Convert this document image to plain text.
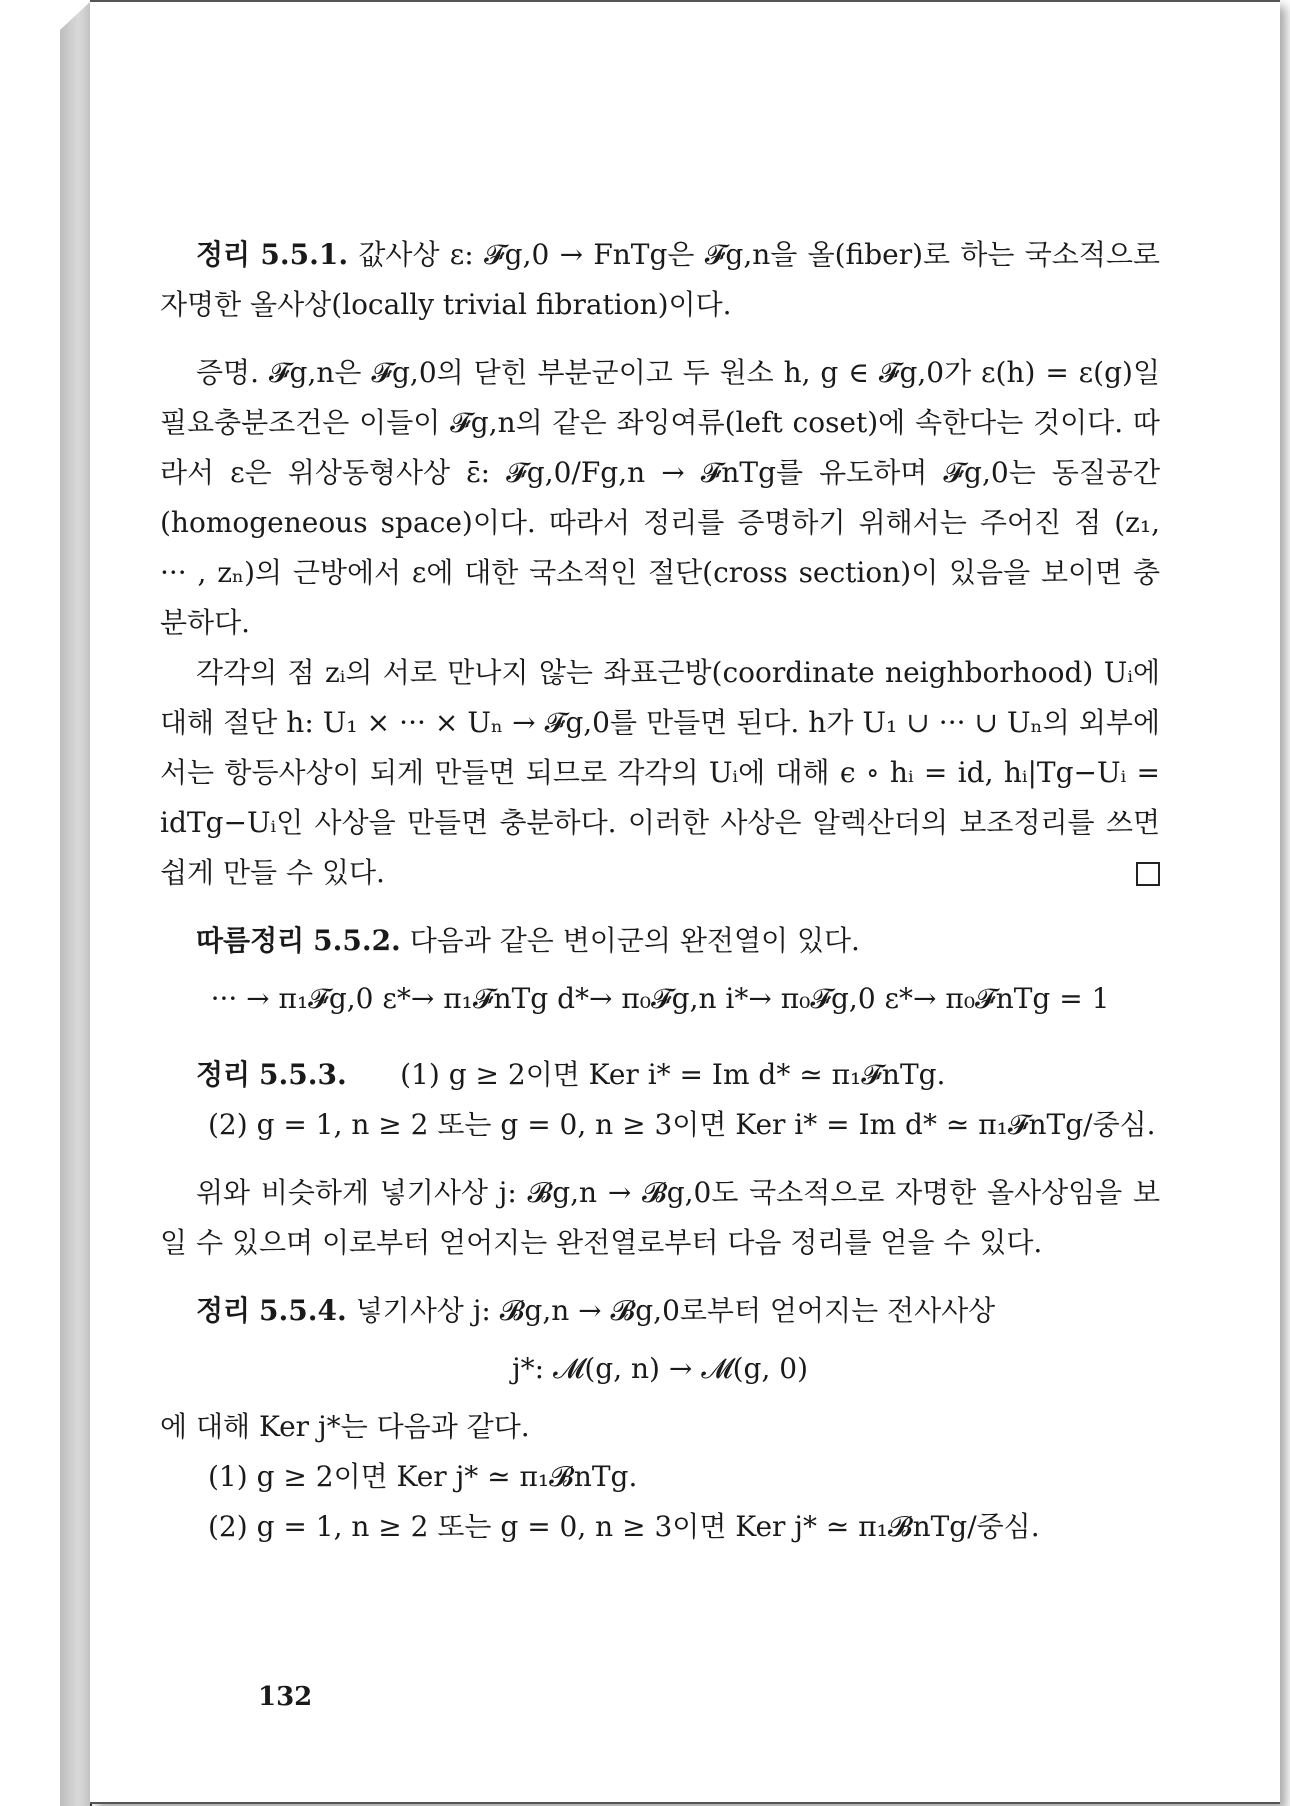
정리 5.5.1. 값사상 ε: 𝓕g,0 → FnTg은 𝓕g,n을 올(fiber)로 하는 국소적으로 자명한 올사상(locally trivial fibration)이다.

증명. 𝓕g,n은 𝓕g,0의 닫힌 부분군이고 두 원소 h, g ∈ 𝓕g,0가 ε(h) = ε(g)일 필요충분조건은 이들이 𝓕g,n의 같은 좌잉여류(left coset)에 속한다는 것이다. 따라서 ε은 위상동형사상 ε̄: 𝓕g,0/Fg,n → 𝓕nTg를 유도하며 𝓕g,0는 동질공간(homogeneous space)이다. 따라서 정리를 증명하기 위해서는 주어진 점 (z₁, ··· , zₙ)의 근방에서 ε에 대한 국소적인 절단(cross section)이 있음을 보이면 충분하다.

각각의 점 zᵢ의 서로 만나지 않는 좌표근방(coordinate neighborhood) Uᵢ에 대해 절단 h: U₁ × ··· × Uₙ → 𝓕g,0를 만들면 된다. h가 U₁ ∪ ··· ∪ Uₙ의 외부에서는 항등사상이 되게 만들면 되므로 각각의 Uᵢ에 대해 ϵ ∘ hᵢ = id, hᵢ|Tg−Uᵢ = idTg−Uᵢ인 사상을 만들면 충분하다. 이러한 사상은 알렉산더의 보조정리를 쓰면 쉽게 만들 수 있다.

따름정리 5.5.2. 다음과 같은 변이군의 완전열이 있다.

··· → π₁𝓕g,0 ε*→ π₁𝓕nTg d*→ π₀𝓕g,n i*→ π₀𝓕g,0 ε*→ π₀𝓕nTg = 1

정리 5.5.3. (1) g ≥ 2이면 Ker i* = Im d* ≃ π₁𝓕nTg.

(2) g = 1, n ≥ 2 또는 g = 0, n ≥ 3이면 Ker i* = Im d* ≃ π₁𝓕nTg/중심.

위와 비슷하게 넣기사상 j: 𝓑g,n → 𝓑g,0도 국소적으로 자명한 올사상임을 보일 수 있으며 이로부터 얻어지는 완전열로부터 다음 정리를 얻을 수 있다.

정리 5.5.4. 넣기사상 j: 𝓑g,n → 𝓑g,0로부터 얻어지는 전사사상

j*: 𝓜(g, n) → 𝓜(g, 0)

에 대해 Ker j*는 다음과 같다.

(1) g ≥ 2이면 Ker j* ≃ π₁𝓑nTg.

(2) g = 1, n ≥ 2 또는 g = 0, n ≥ 3이면 Ker j* ≃ π₁𝓑nTg/중심.

132
